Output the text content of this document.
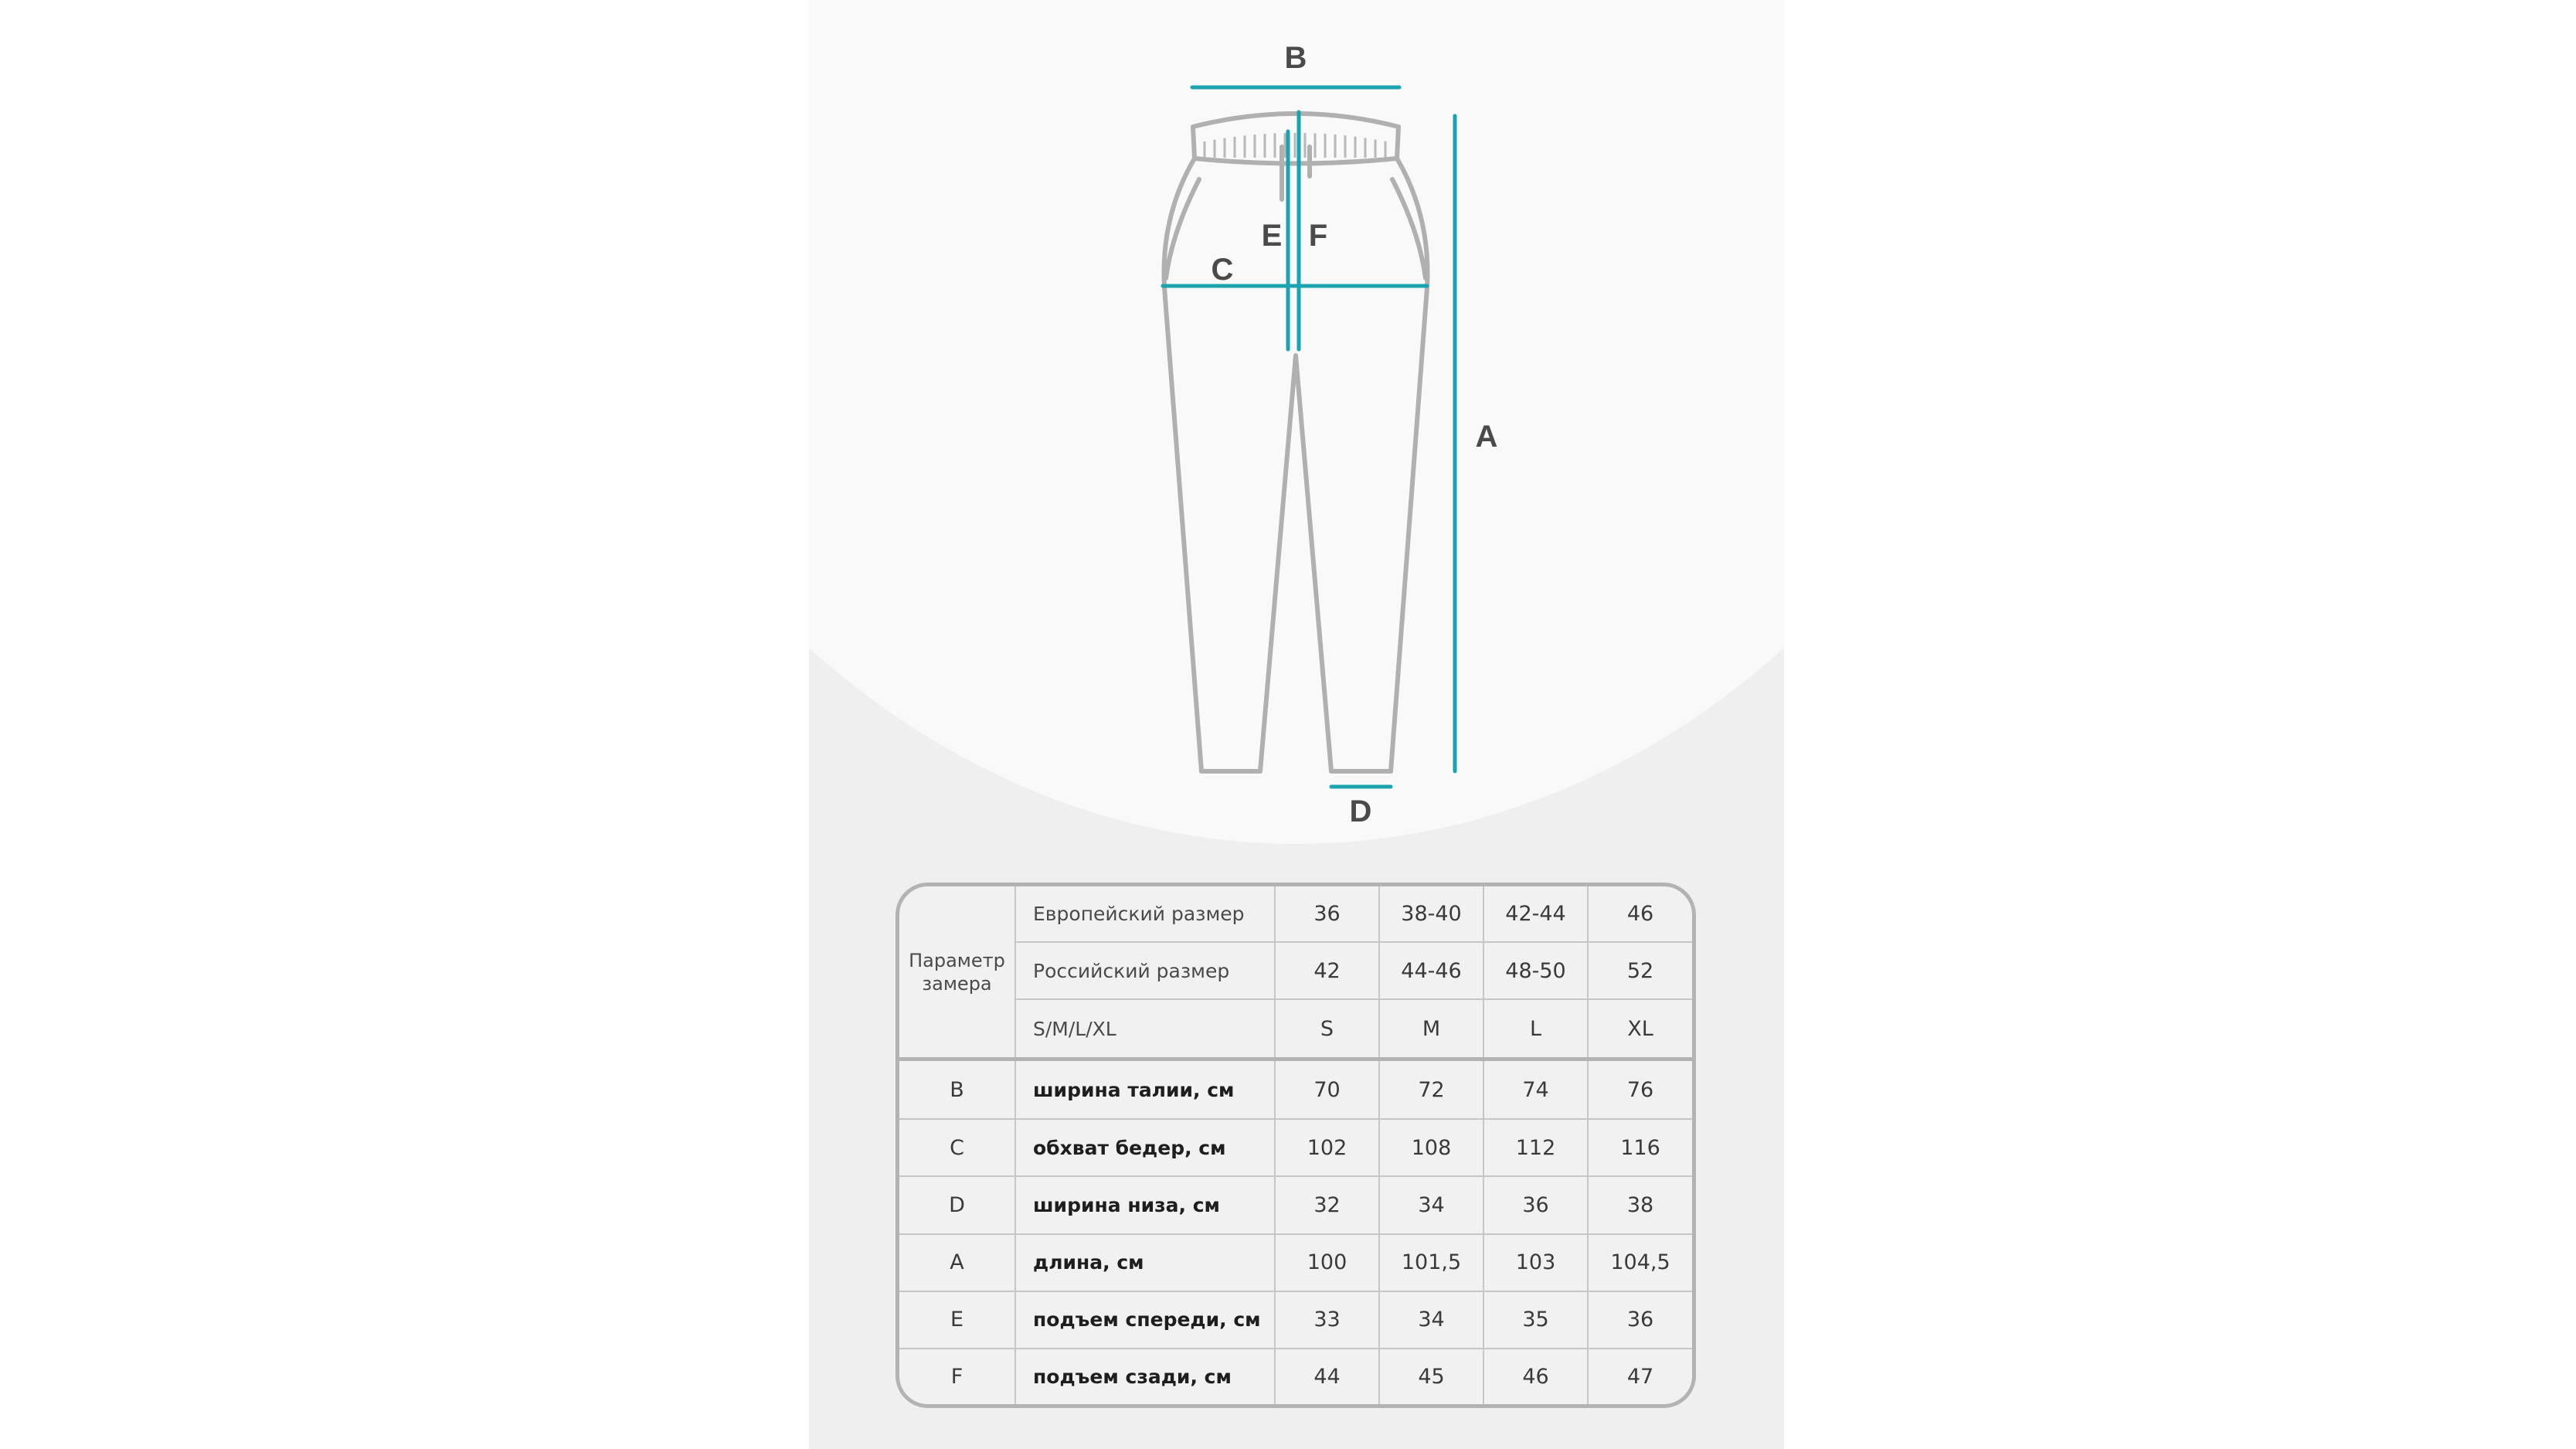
B
A
C
D
E F
Параметр замера	Европейский размер	36	38-40	42-44	46
	Российский размер	42	44-46	48-50	52
	S/M/L/XL	S	M	L	XL
B	ширина талии, см	70	72	74	76
C	обхват бедер, см	102	108	112	116
D	ширина низа, см	32	34	36	38
A	длина, см	100	101,5	103	104,5
E	подъем спереди, см	33	34	35	36
F	подъем сзади, см	44	45	46	47
